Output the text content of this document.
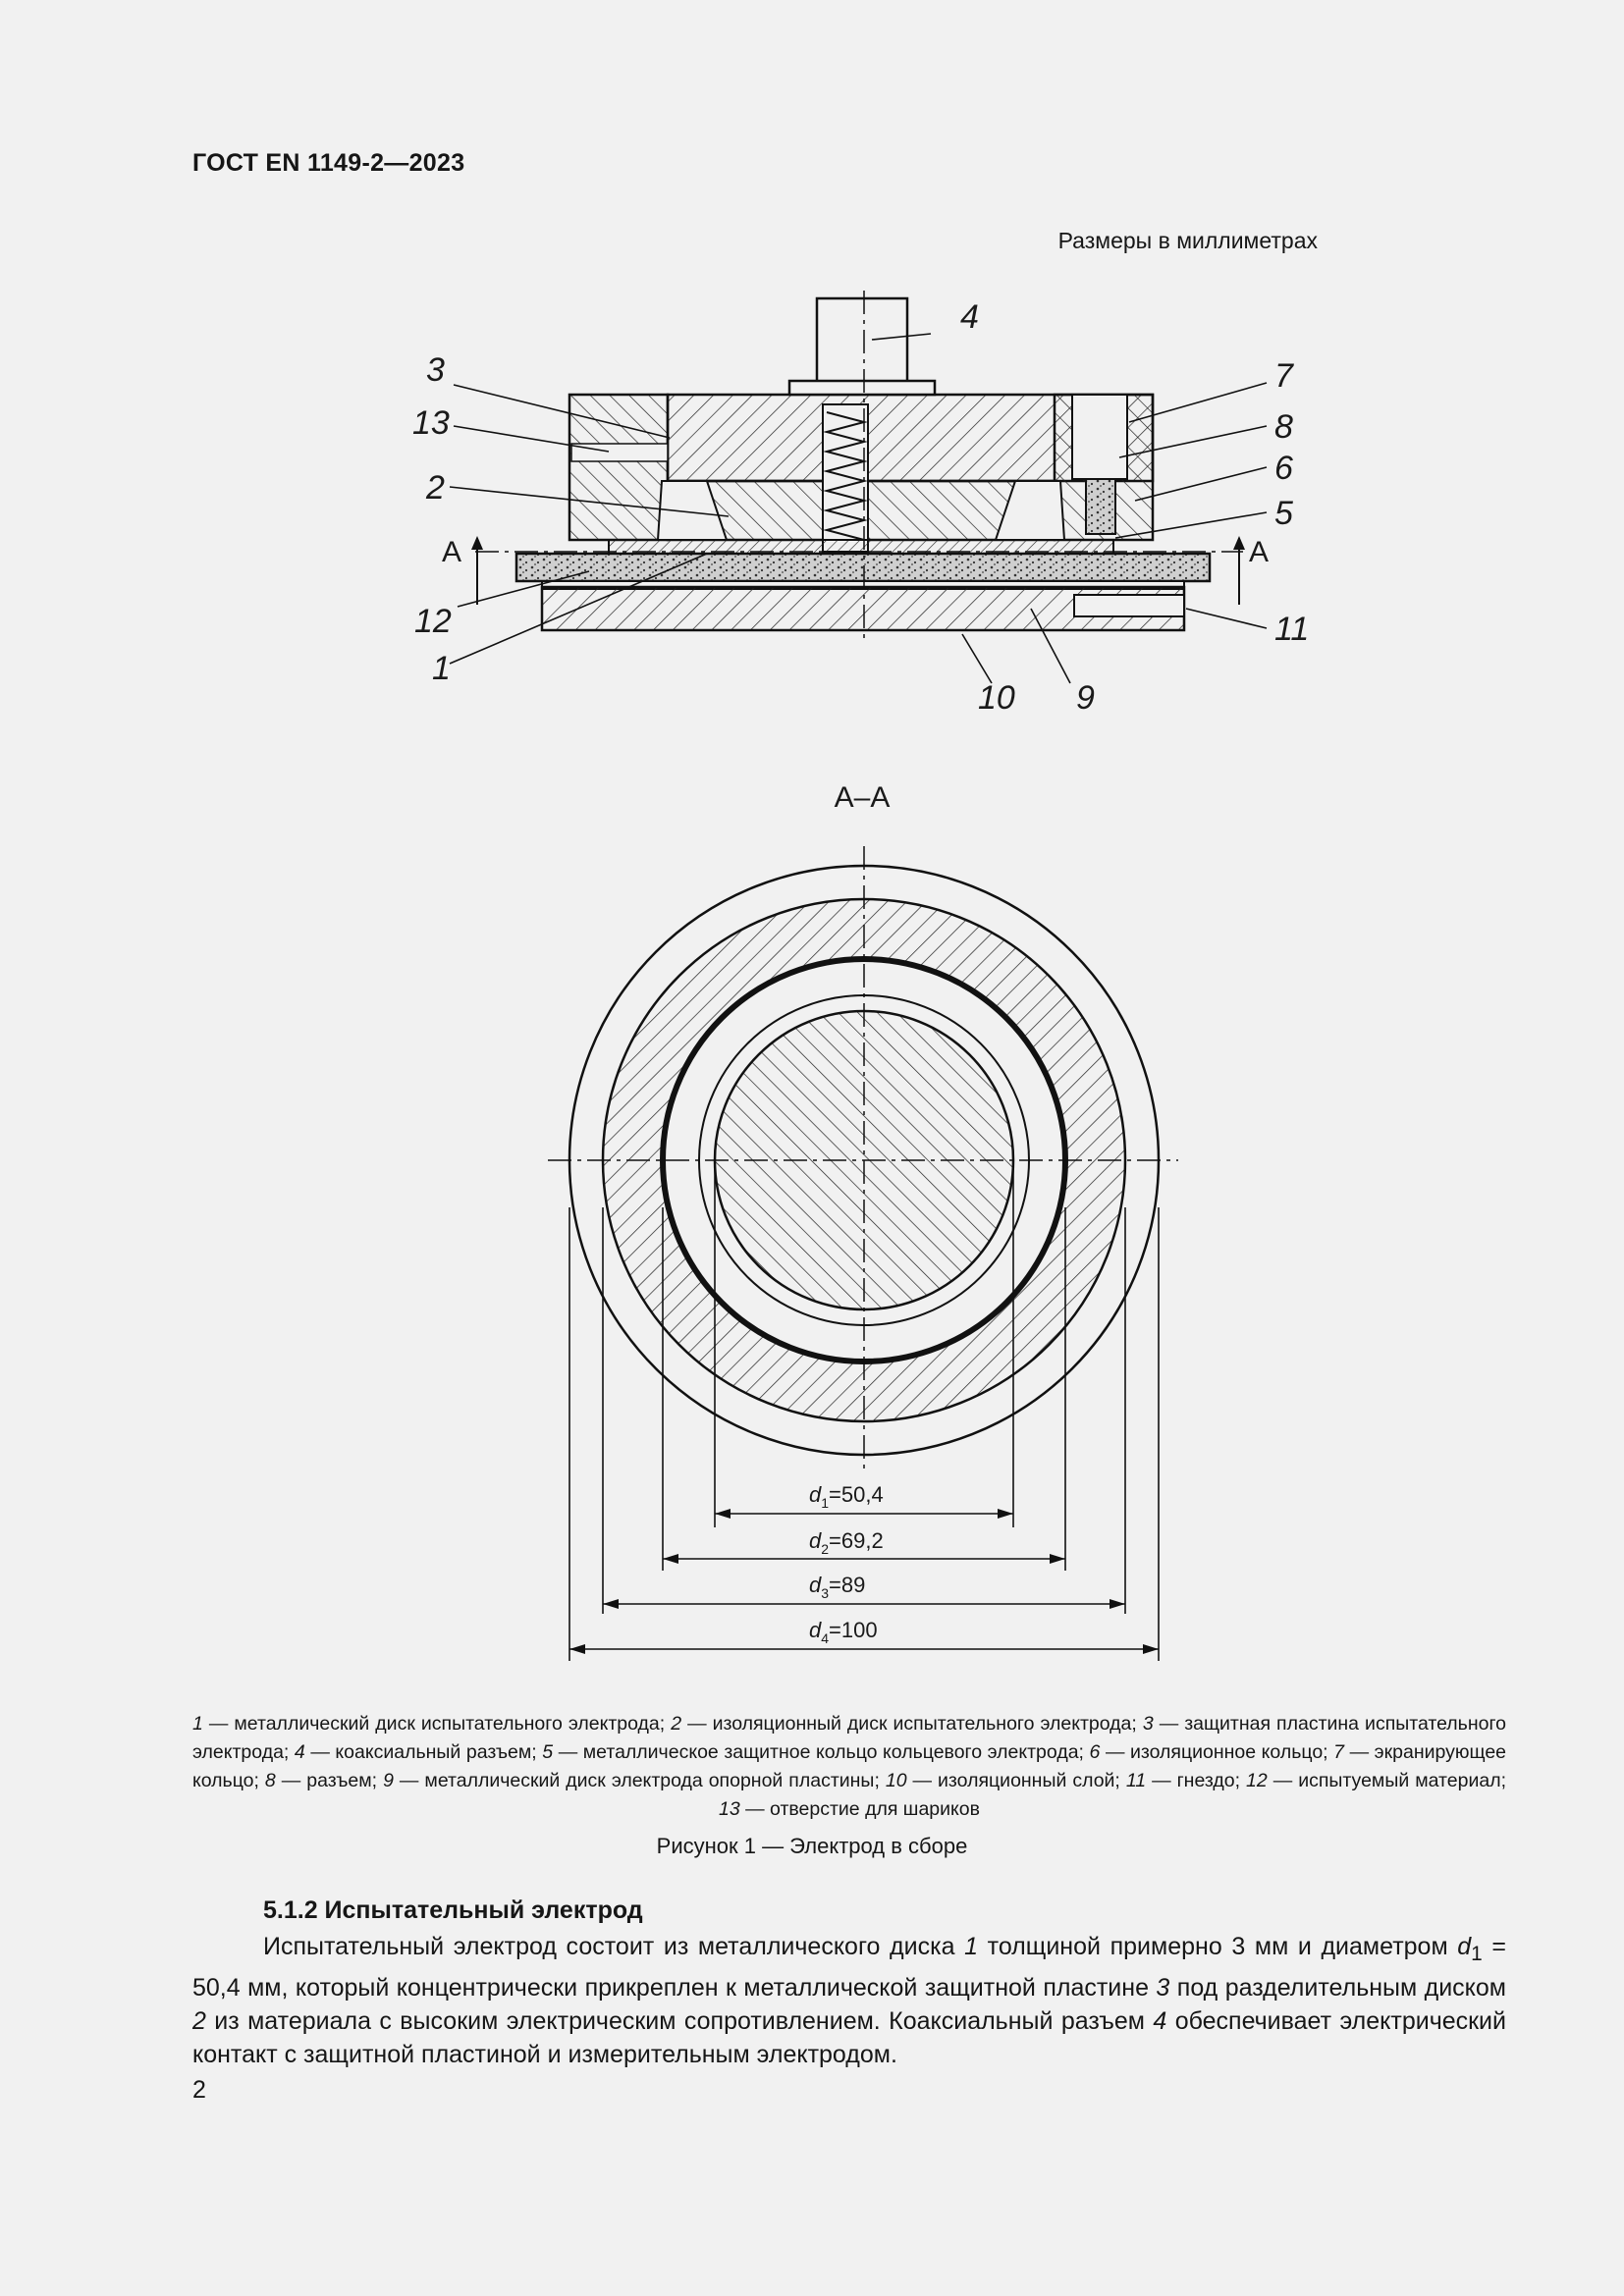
ГОСТ EN 1149-2—2023
Размеры в миллиметрах
4
3
13
2
7
8
6
5
12
1
11
10 9
A	A
A–A
$d_1=50,4$
$d_2=69,2$
$d_3=89$
$d_4=100$
1 — металлический диск испытательного электрода; 2 — изоляционный диск испытательного электрода; 3 — защитная пластина испытательного электрода; 4 — коаксиальный разъем; 5 — металлическое защитное кольцо кольцевого электрода; 6 — изоляционное кольцо; 7 — экранирующее кольцо; 8 — разъем; 9 — металлический диск электрода опорной пластины; 10 — изоляционный слой; 11 — гнездо; 12 — испытуемый материал; 13 — отверстие для шариков
Рисунок 1 — Электрод в сборе
5.1.2 Испытательный электрод
Испытательный электрод состоит из металлического диска 1 толщиной примерно 3 мм и диаметром $d_1 = 50,4$ мм, который концентрически прикреплен к металлической защитной пластине 3 под разделительным диском 2 из материала с высоким электрическим сопротивлением. Коаксиальный разъем 4 обеспечивает электрический контакт с защитной пластиной и измерительным электродом.
2
